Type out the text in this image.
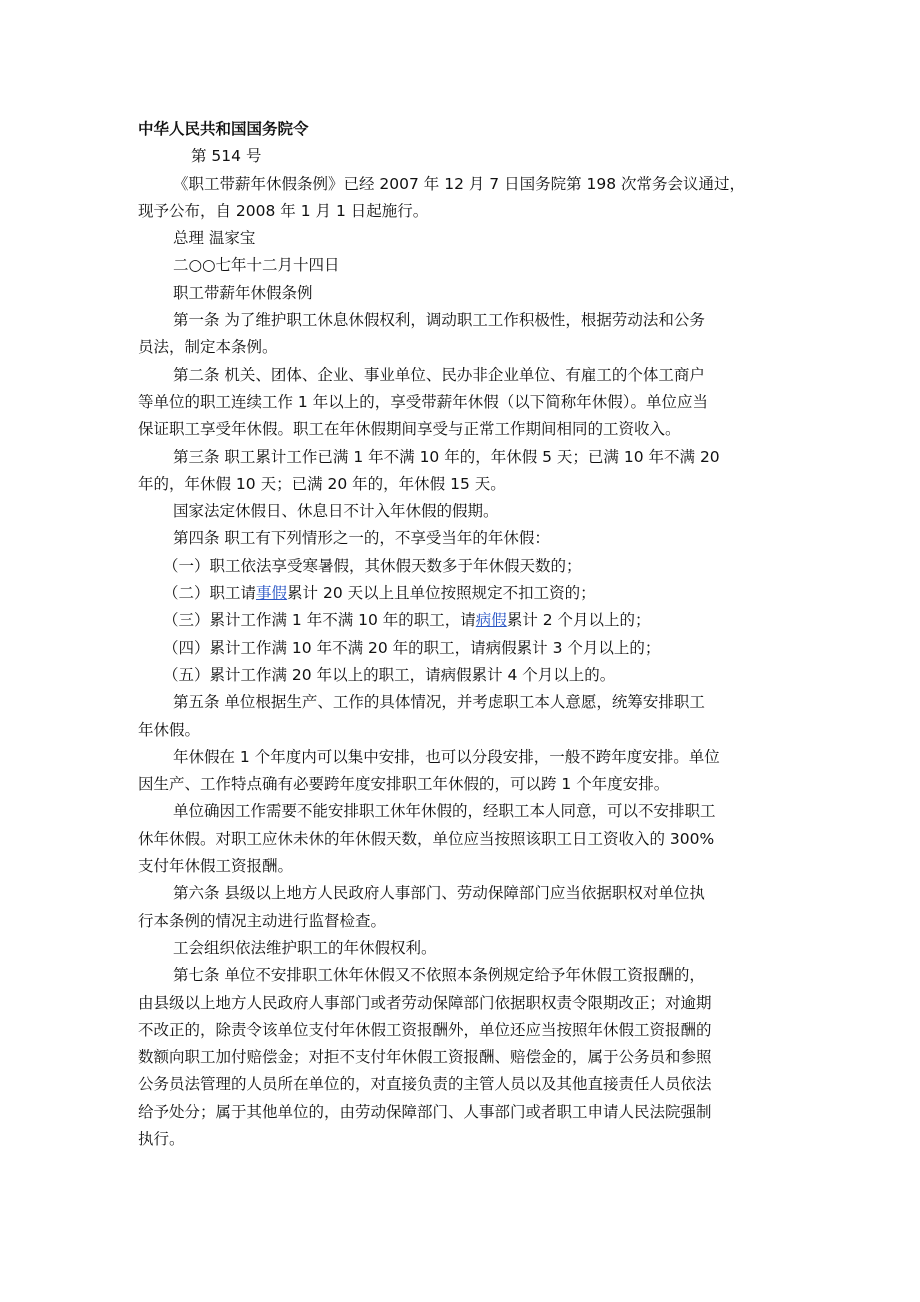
中华人民共和国国务院令

第 514 号

《职工带薪年休假条例》已经 2007 年 12 月 7 日国务院第 198 次常务会议通过，

现予公布，自 2008 年 1 月 1 日起施行。

总理 温家宝

二○○七年十二月十四日

职工带薪年休假条例

第一条 为了维护职工休息休假权利，调动职工工作积极性，根据劳动法和公务

员法，制定本条例。

第二条 机关、团体、企业、事业单位、民办非企业单位、有雇工的个体工商户

等单位的职工连续工作 1 年以上的，享受带薪年休假（以下简称年休假）。单位应当

保证职工享受年休假。职工在年休假期间享受与正常工作期间相同的工资收入。

第三条 职工累计工作已满 1 年不满 10 年的，年休假 5 天；已满 10 年不满 20

年的，年休假 10 天；已满 20 年的，年休假 15 天。

国家法定休假日、休息日不计入年休假的假期。

第四条 职工有下列情形之一的，不享受当年的年休假：

（一）职工依法享受寒暑假，其休假天数多于年休假天数的；

（二）职工请事假累计 20 天以上且单位按照规定不扣工资的；

（三）累计工作满 1 年不满 10 年的职工，请病假累计 2 个月以上的；

（四）累计工作满 10 年不满 20 年的职工，请病假累计 3 个月以上的；

（五）累计工作满 20 年以上的职工，请病假累计 4 个月以上的。

第五条 单位根据生产、工作的具体情况，并考虑职工本人意愿，统筹安排职工

年休假。

年休假在 1 个年度内可以集中安排，也可以分段安排，一般不跨年度安排。单位

因生产、工作特点确有必要跨年度安排职工年休假的，可以跨 1 个年度安排。

单位确因工作需要不能安排职工休年休假的，经职工本人同意，可以不安排职工

休年休假。对职工应休未休的年休假天数，单位应当按照该职工日工资收入的 300%

支付年休假工资报酬。

第六条 县级以上地方人民政府人事部门、劳动保障部门应当依据职权对单位执

行本条例的情况主动进行监督检查。

工会组织依法维护职工的年休假权利。

第七条 单位不安排职工休年休假又不依照本条例规定给予年休假工资报酬的，

由县级以上地方人民政府人事部门或者劳动保障部门依据职权责令限期改正；对逾期

不改正的，除责令该单位支付年休假工资报酬外，单位还应当按照年休假工资报酬的

数额向职工加付赔偿金；对拒不支付年休假工资报酬、赔偿金的，属于公务员和参照

公务员法管理的人员所在单位的，对直接负责的主管人员以及其他直接责任人员依法

给予处分；属于其他单位的，由劳动保障部门、人事部门或者职工申请人民法院强制

执行。
